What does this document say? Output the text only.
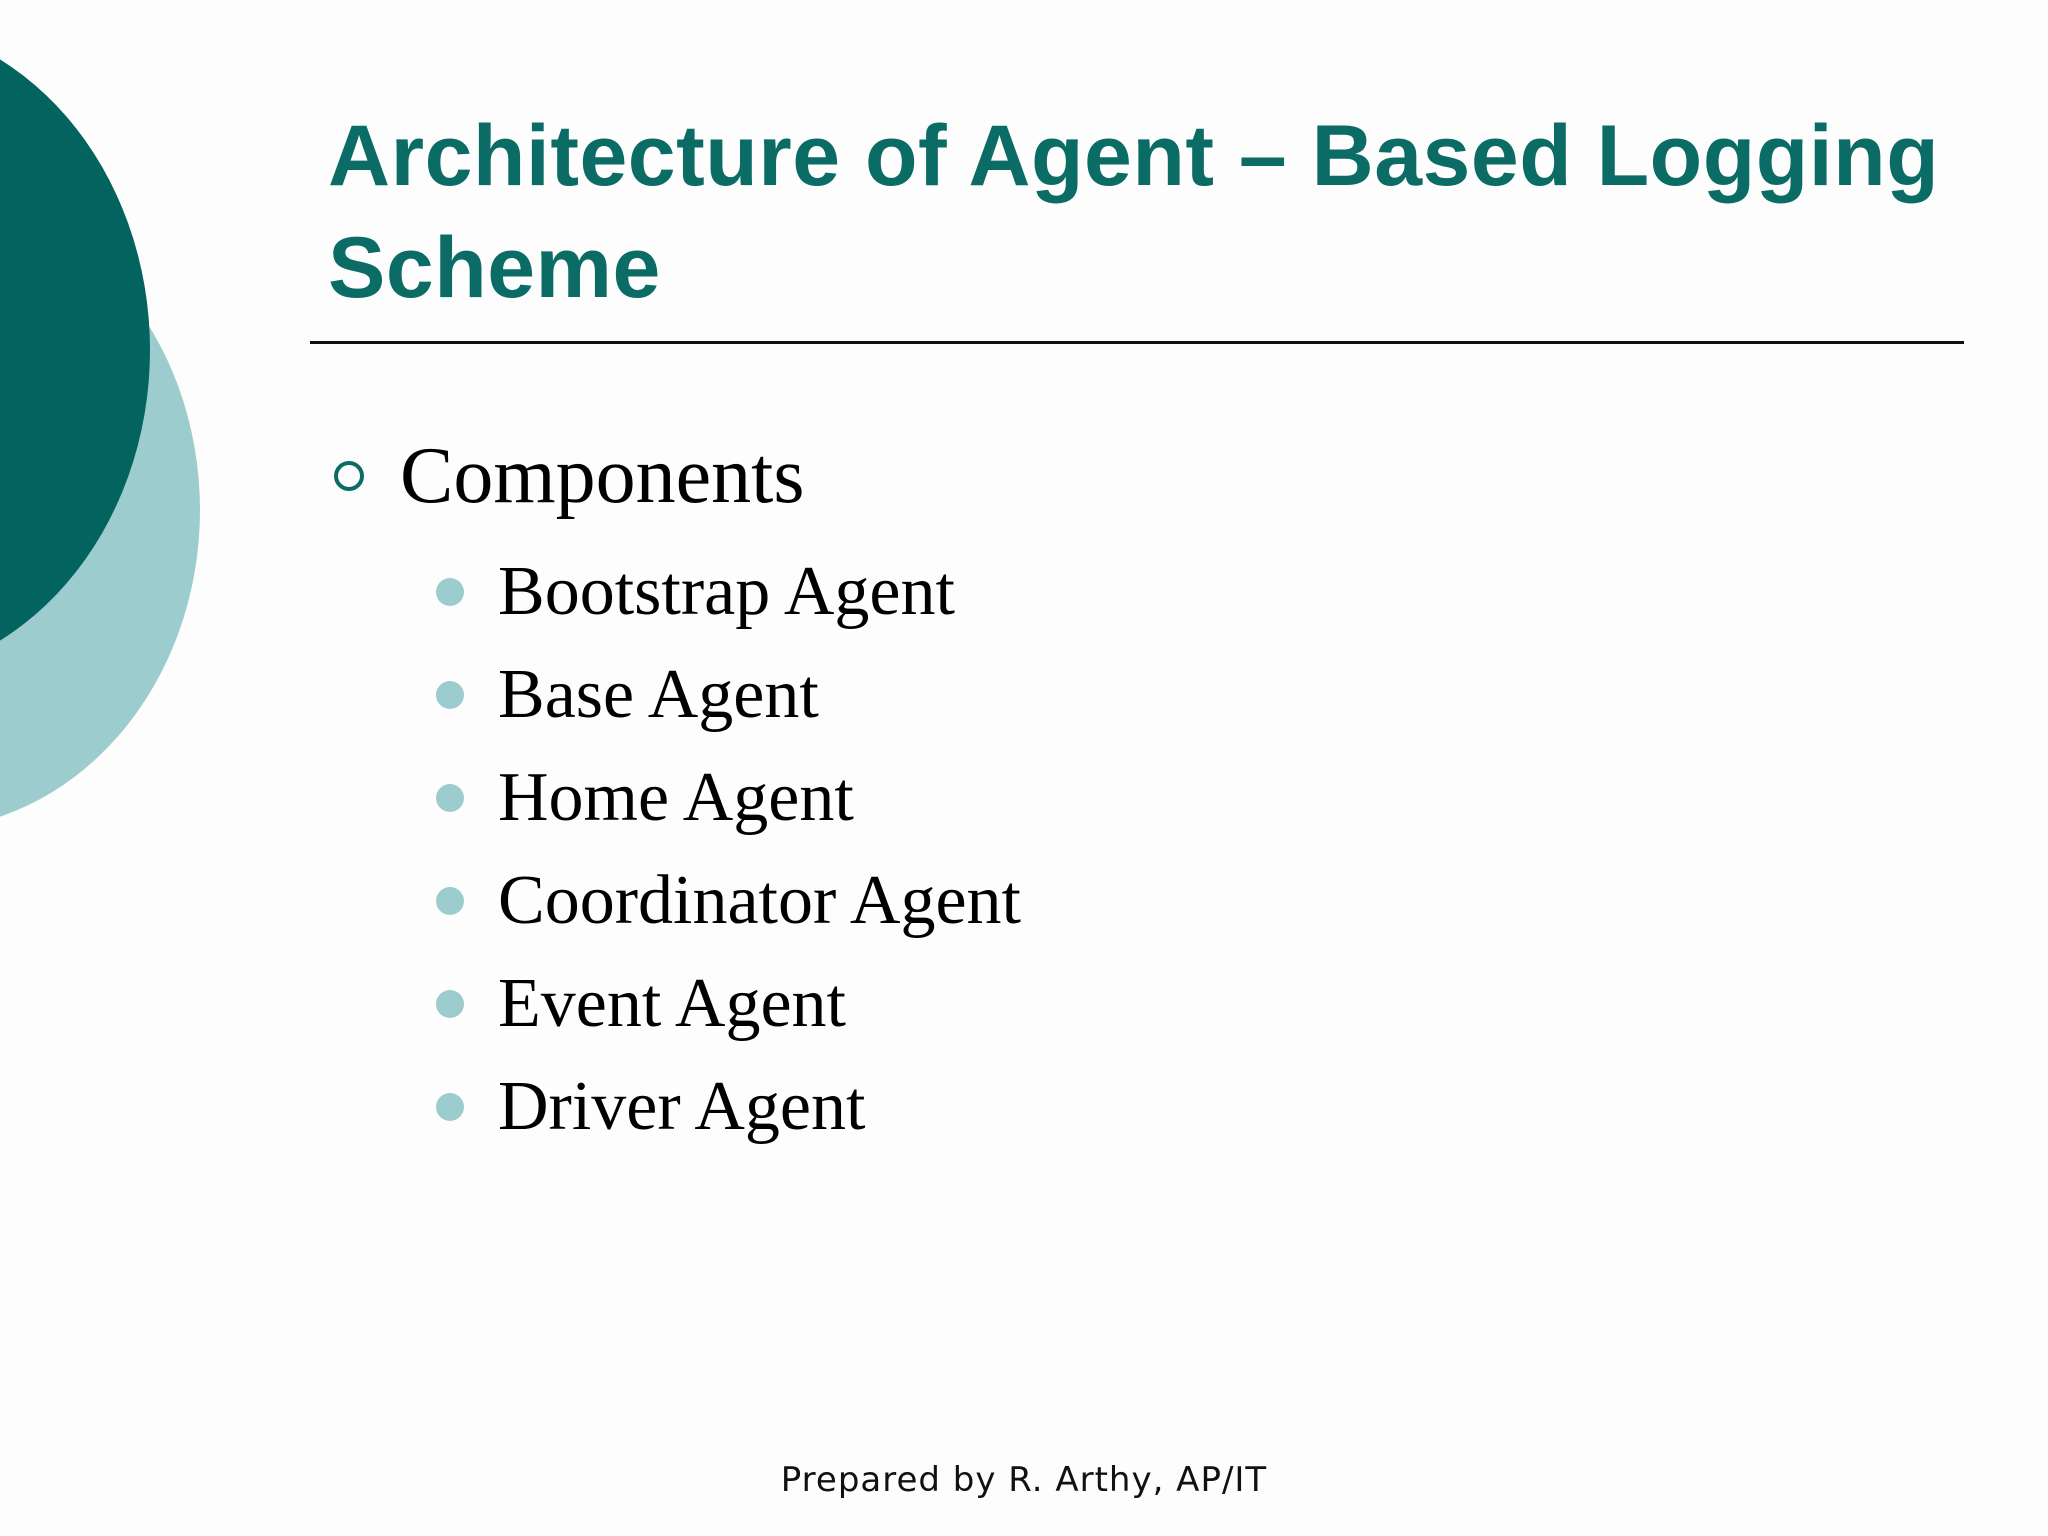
Architecture of Agent – Based Logging Scheme
Components
Bootstrap Agent
Base Agent
Home Agent
Coordinator Agent
Event Agent
Driver Agent
Prepared by R. Arthy, AP/IT
